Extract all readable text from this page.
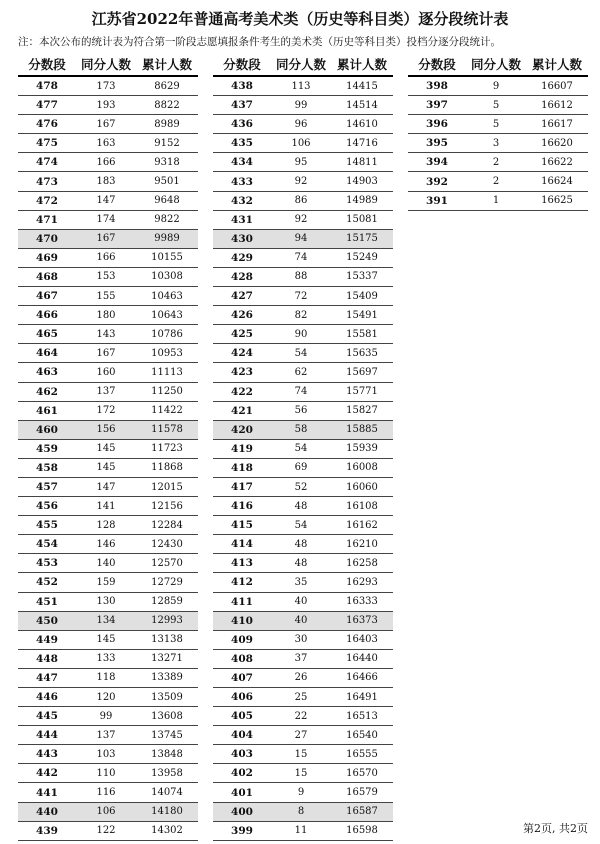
江苏省2022年普通高考美术类（历史等科目类）逐分段统计表
注：本次公布的统计表为符合第一阶段志愿填报条件考生的美术类（历史等科目类）投档分逐分段统计。
分数段	同分人数	累计人数
478	173	8629
477	193	8822
476	167	8989
475	163	9152
474	166	9318
473	183	9501
472	147	9648
471	174	9822
470	167	9989
469	166	10155
468	153	10308
467	155	10463
466	180	10643
465	143	10786
464	167	10953
463	160	11113
462	137	11250
461	172	11422
460	156	11578
459	145	11723
458	145	11868
457	147	12015
456	141	12156
455	128	12284
454	146	12430
453	140	12570
452	159	12729
451	130	12859
450	134	12993
449	145	13138
448	133	13271
447	118	13389
446	120	13509
445	99	13608
444	137	13745
443	103	13848
442	110	13958
441	116	14074
440	106	14180
439	122	14302
分数段	同分人数	累计人数
438	113	14415
437	99	14514
436	96	14610
435	106	14716
434	95	14811
433	92	14903
432	86	14989
431	92	15081
430	94	15175
429	74	15249
428	88	15337
427	72	15409
426	82	15491
425	90	15581
424	54	15635
423	62	15697
422	74	15771
421	56	15827
420	58	15885
419	54	15939
418	69	16008
417	52	16060
416	48	16108
415	54	16162
414	48	16210
413	48	16258
412	35	16293
411	40	16333
410	40	16373
409	30	16403
408	37	16440
407	26	16466
406	25	16491
405	22	16513
404	27	16540
403	15	16555
402	15	16570
401	9	16579
400	8	16587
399	11	16598
分数段	同分人数	累计人数
398	9	16607
397	5	16612
396	5	16617
395	3	16620
394	2	16622
392	2	16624
391	1	16625
第2页, 共2页
